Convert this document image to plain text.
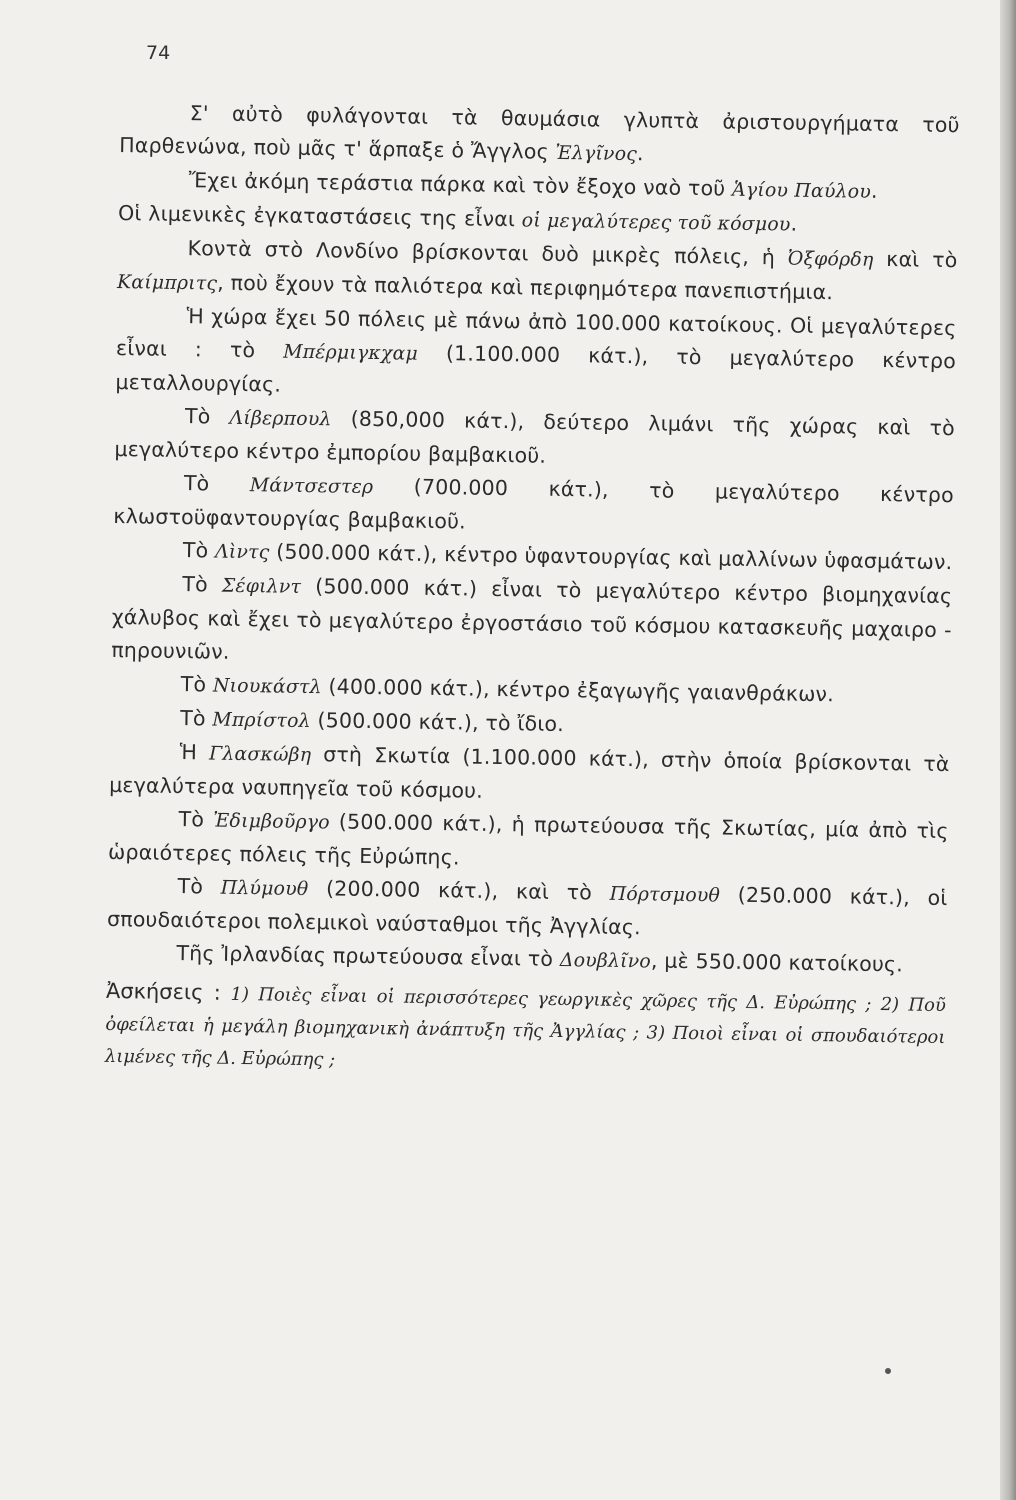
74

Σ' αὐτὸ φυλάγονται τὰ θαυμάσια γλυπτὰ ἀριστουργήματα τοῦ Παρθενώνα, ποὺ μᾶς τ' ἅρπαξε ὁ Ἄγγλος Ἐλγῖνος.

Ἔχει ἀκόμη τεράστια πάρκα καὶ τὸν ἔξοχο ναὸ τοῦ Ἁγίου Παύλου.

Οἱ λιμενικὲς ἐγκαταστάσεις της εἶναι οἱ μεγαλύτερες τοῦ κόσμου.

Κοντὰ στὸ Λονδίνο βρίσκονται δυὸ μικρὲς πόλεις, ἡ Ὀξφόρδη καὶ τὸ Καίμπριτς, ποὺ ἔχουν τὰ παλιότερα καὶ περιφημότερα πανεπιστήμια.

Ἡ χώρα ἔχει 50 πόλεις μὲ πάνω ἀπὸ 100.000 κατοίκους. Οἱ μεγαλύτερες εἶναι : τὸ Μπέρμιγκχαμ (1.100.000 κάτ.), τὸ μεγαλύτερο κέντρο μεταλλουργίας.

Τὸ Λίβερπουλ (850,000 κάτ.), δεύτερο λιμάνι τῆς χώρας καὶ τὸ μεγαλύτερο κέντρο ἐμπορίου βαμβακιοῦ.

Τὸ Μάντσεστερ (700.000 κάτ.), τὸ μεγαλύτερο κέντρο κλωστοϋφαντουργίας βαμβακιοῦ.

Τὸ Λὶντς (500.000 κάτ.), κέντρο ὑφαντουργίας καὶ μαλλίνων ὑφασμάτων.

Τὸ Σέφιλντ (500.000 κάτ.) εἶναι τὸ μεγαλύτερο κέντρο βιομηχανίας χάλυβος καὶ ἔχει τὸ μεγαλύτερο ἐργοστάσιο τοῦ κόσμου κατασκευῆς μαχαιρο - πηρουνιῶν.

Τὸ Νιουκάστλ (400.000 κάτ.), κέντρο ἐξαγωγῆς γαιανθράκων.

Τὸ Μπρίστολ (500.000 κάτ.), τὸ ἴδιο.

Ἡ Γλασκώβη στὴ Σκωτία (1.100.000 κάτ.), στὴν ὁποία βρίσκονται τὰ μεγαλύτερα ναυπηγεῖα τοῦ κόσμου.

Τὸ Ἐδιμβοῦργο (500.000 κάτ.), ἡ πρωτεύουσα τῆς Σκωτίας, μία ἀπὸ τὶς ὡραιότερες πόλεις τῆς Εὐρώπης.

Τὸ Πλύμουθ (200.000 κάτ.), καὶ τὸ Πόρτσμουθ (250.000 κάτ.), οἱ σπουδαιότεροι πολεμικοὶ ναύσταθμοι τῆς Ἀγγλίας.

Τῆς Ἰρλανδίας πρωτεύουσα εἶναι τὸ Δουβλῖνο, μὲ 550.000 κατοίκους.

Ἀσκήσεις : 1) Ποιὲς εἶναι οἱ περισσότερες γεωργικὲς χῶρες τῆς Δ. Εὐρώπης ; 2) Ποῦ ὀφείλεται ἡ μεγάλη βιομηχανικὴ ἀνάπτυξη τῆς Ἀγγλίας ; 3) Ποιοὶ εἶναι οἱ σπουδαιότεροι λιμένες τῆς Δ. Εὐρώπης ;
